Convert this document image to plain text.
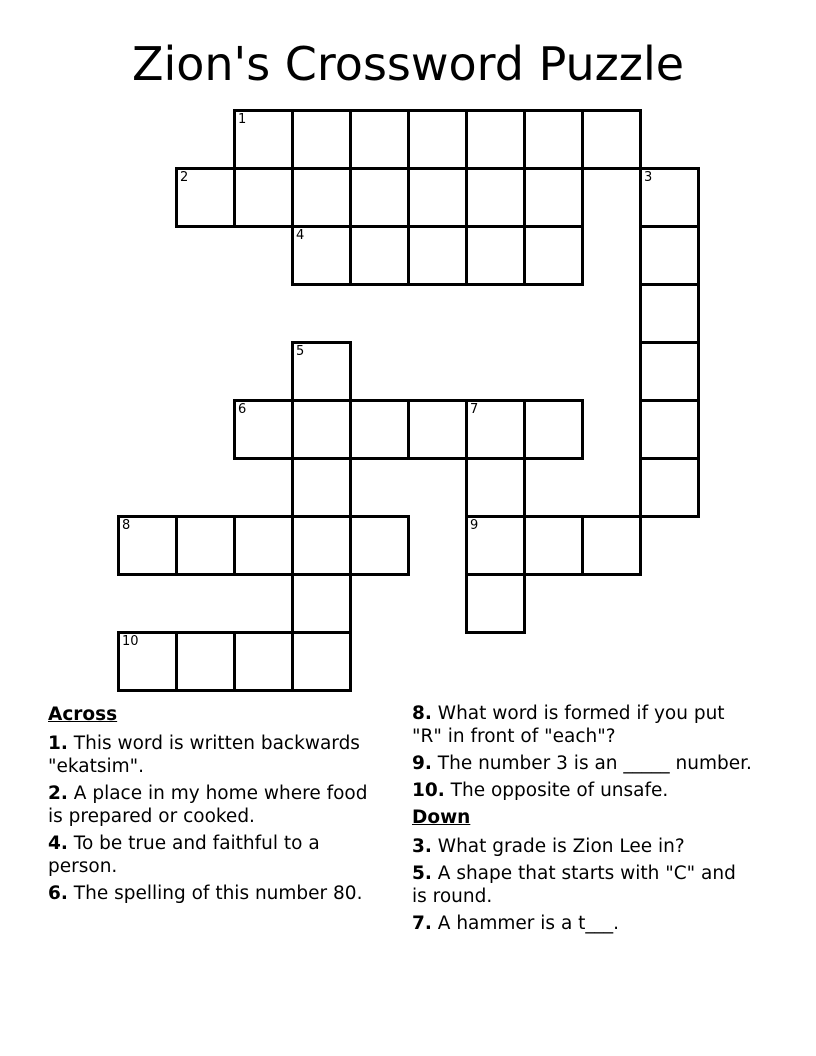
Zion's Crossword Puzzle
1
2	3
4
5
6	7
8	9
10
Across
1. This word is written backwards "ekatsim".
2. A place in my home where food is prepared or cooked.
4. To be true and faithful to a person.
6. The spelling of this number 80.
8. What word is formed if you put "R" in front of "each"?
9. The number 3 is an _____ number.
10. The opposite of unsafe.
Down
3. What grade is Zion Lee in?
5. A shape that starts with "C" and is round.
7. A hammer is a t___.
